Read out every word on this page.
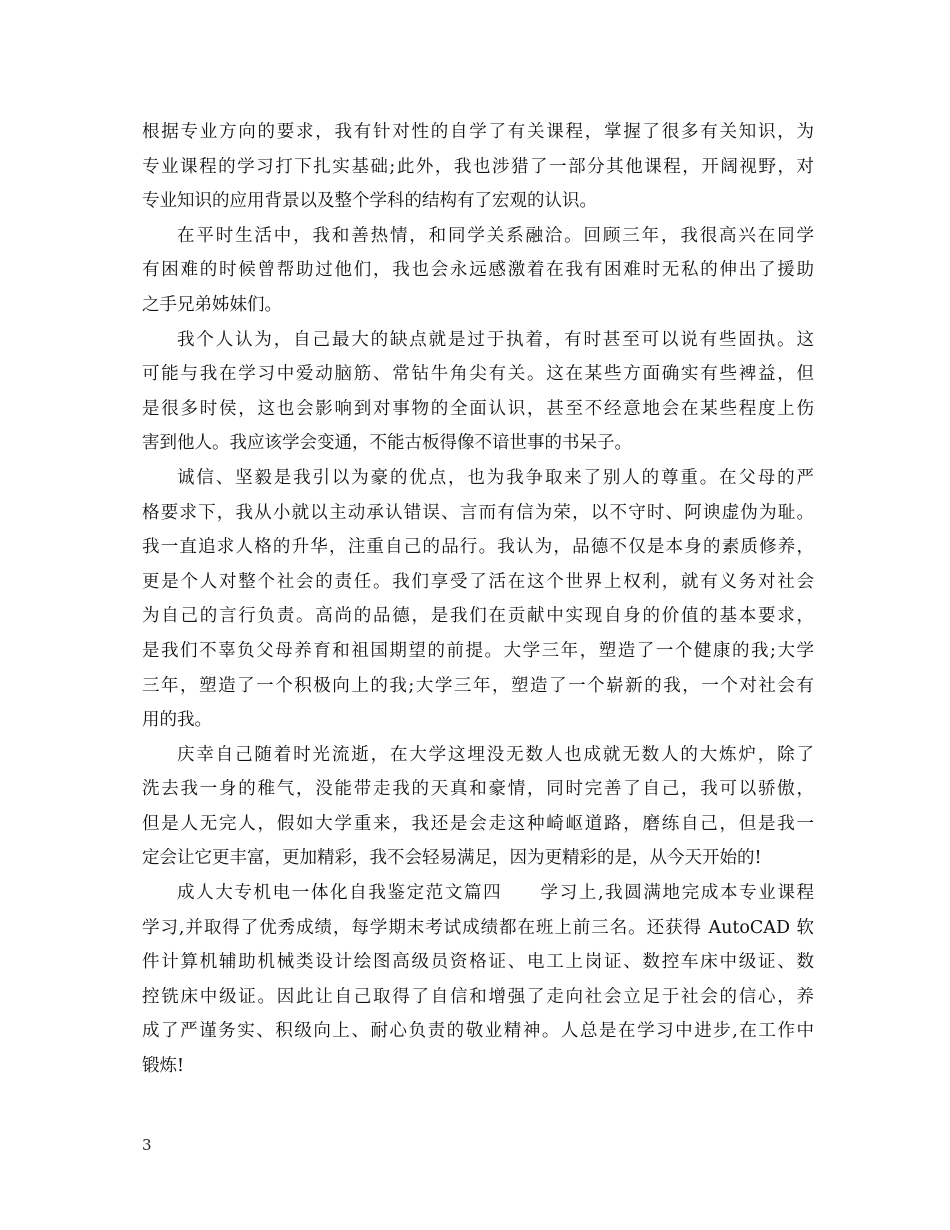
根据专业方向的要求，我有针对性的自学了有关课程，掌握了很多有关知识，为
专业课程的学习打下扎实基础;此外，我也涉猎了一部分其他课程，开阔视野，对
专业知识的应用背景以及整个学科的结构有了宏观的认识。
在平时生活中，我和善热情，和同学关系融洽。回顾三年，我很高兴在同学
有困难的时候曾帮助过他们，我也会永远感激着在我有困难时无私的伸出了援助
之手兄弟姊妹们。
我个人认为，自己最大的缺点就是过于执着，有时甚至可以说有些固执。这
可能与我在学习中爱动脑筋、常钻牛角尖有关。这在某些方面确实有些裨益，但
是很多时侯，这也会影响到对事物的全面认识，甚至不经意地会在某些程度上伤
害到他人。我应该学会变通，不能古板得像不谙世事的书呆子。
诚信、坚毅是我引以为豪的优点，也为我争取来了别人的尊重。在父母的严
格要求下，我从小就以主动承认错误、言而有信为荣，以不守时、阿谀虚伪为耻。
我一直追求人格的升华，注重自己的品行。我认为，品德不仅是本身的素质修养，
更是个人对整个社会的责任。我们享受了活在这个世界上权利，就有义务对社会
为自己的言行负责。高尚的品德，是我们在贡献中实现自身的价值的基本要求，
是我们不辜负父母养育和祖国期望的前提。大学三年，塑造了一个健康的我;大学
三年，塑造了一个积极向上的我;大学三年，塑造了一个崭新的我，一个对社会有
用的我。
庆幸自己随着时光流逝，在大学这埋没无数人也成就无数人的大炼炉，除了
洗去我一身的稚气，没能带走我的天真和豪情，同时完善了自己，我可以骄傲，
但是人无完人，假如大学重来，我还是会走这种崎岖道路，磨练自己，但是我一
定会让它更丰富，更加精彩，我不会轻易满足，因为更精彩的是，从今天开始的!
成人大专机电一体化自我鉴定范文篇四　　学习上,我圆满地完成本专业课程
学习,并取得了优秀成绩，每学期末考试成绩都在班上前三名。还获得 AutoCAD 软
件计算机辅助机械类设计绘图高级员资格证、电工上岗证、数控车床中级证、数
控铣床中级证。因此让自己取得了自信和增强了走向社会立足于社会的信心，养
成了严谨务实、积级向上、耐心负责的敬业精神。人总是在学习中进步,在工作中
锻炼!
3
